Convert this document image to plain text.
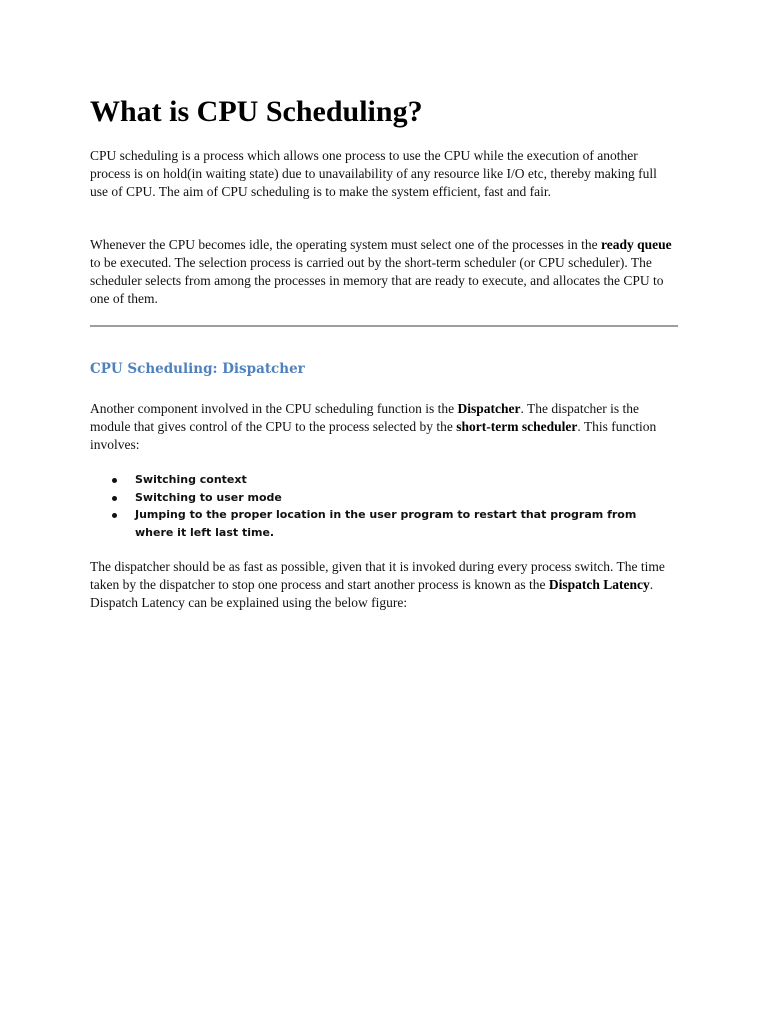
What is CPU Scheduling?

CPU scheduling is a process which allows one process to use the CPU while the execution of another process is on hold(in waiting state) due to unavailability of any resource like I/O etc, thereby making full use of CPU. The aim of CPU scheduling is to make the system efficient, fast and fair.

Whenever the CPU becomes idle, the operating system must select one of the processes in the ready queue to be executed. The selection process is carried out by the short-term scheduler (or CPU scheduler). The scheduler selects from among the processes in memory that are ready to execute, and allocates the CPU to one of them.

CPU Scheduling: Dispatcher

Another component involved in the CPU scheduling function is the Dispatcher. The dispatcher is the module that gives control of the CPU to the process selected by the short-term scheduler. This function involves:

Switching context
Switching to user mode
Jumping to the proper location in the user program to restart that program from where it left last time.

The dispatcher should be as fast as possible, given that it is invoked during every process switch. The time taken by the dispatcher to stop one process and start another process is known as the Dispatch Latency. Dispatch Latency can be explained using the below figure:
